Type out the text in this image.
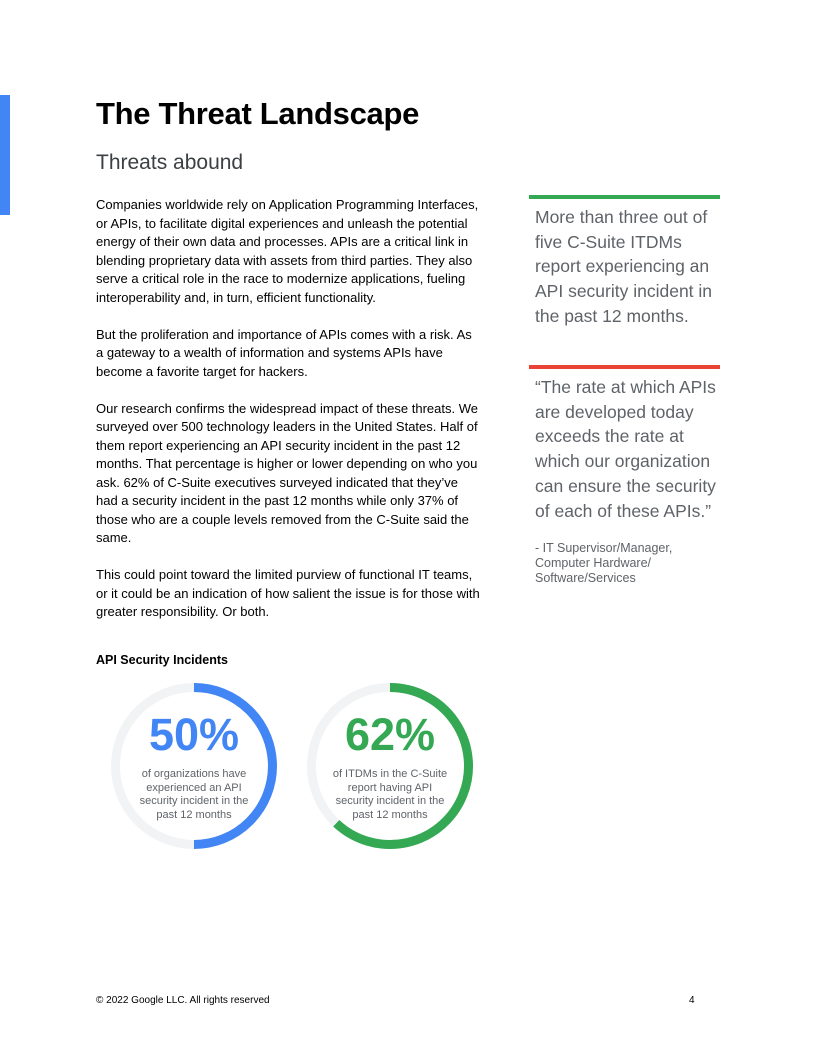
The Threat Landscape
Threats abound

Companies worldwide rely on Application Programming Interfaces, or APIs, to facilitate digital experiences and unleash the potential energy of their own data and processes. APIs are a critical link in blending proprietary data with assets from third parties. They also serve a critical role in the race to modernize applications, fueling interoperability and, in turn, efficient functionality.

But the proliferation and importance of APIs comes with a risk. As a gateway to a wealth of information and systems APIs have become a favorite target for hackers.

Our research confirms the widespread impact of these threats. We surveyed over 500 technology leaders in the United States. Half of them report experiencing an API security incident in the past 12 months. That percentage is higher or lower depending on who you ask. 62% of C-Suite executives surveyed indicated that they’ve had a security incident in the past 12 months while only 37% of those who are a couple levels removed from the C-Suite said the same.

This could point toward the limited purview of functional IT teams, or it could be an indication of how salient the issue is for those with greater responsibility. Or both.

More than three out of five C-Suite ITDMs report experiencing an API security incident in the past 12 months.
“The rate at which APIs are developed today exceeds the rate at which our organization can ensure the security of each of these APIs.”
- IT Supervisor/Manager, Computer Hardware/ Software/Services
API Security Incidents
50%
of organizations have experienced an API security incident in the past 12 months
62%
of ITDMs in the C-Suite report having API security incident in the past 12 months
© 2022 Google LLC. All rights reserved	4
